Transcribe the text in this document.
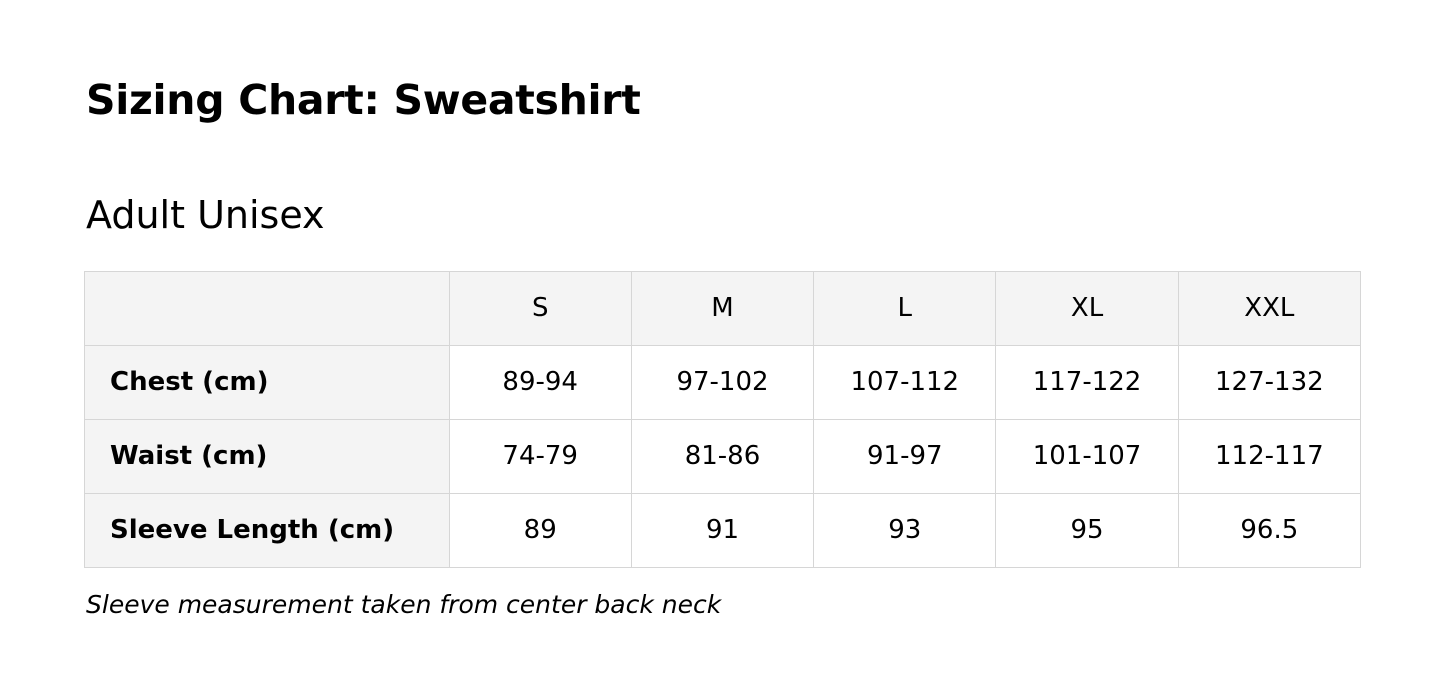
Sizing Chart: Sweatshirt
Adult Unisex
	S	M	L	XL	XXL
Chest (cm)	89-94	97-102	107-112	117-122	127-132
Waist (cm)	74-79	81-86	91-97	101-107	112-117
Sleeve Length (cm)	89	91	93	95	96.5

Sleeve measurement taken from center back neck
